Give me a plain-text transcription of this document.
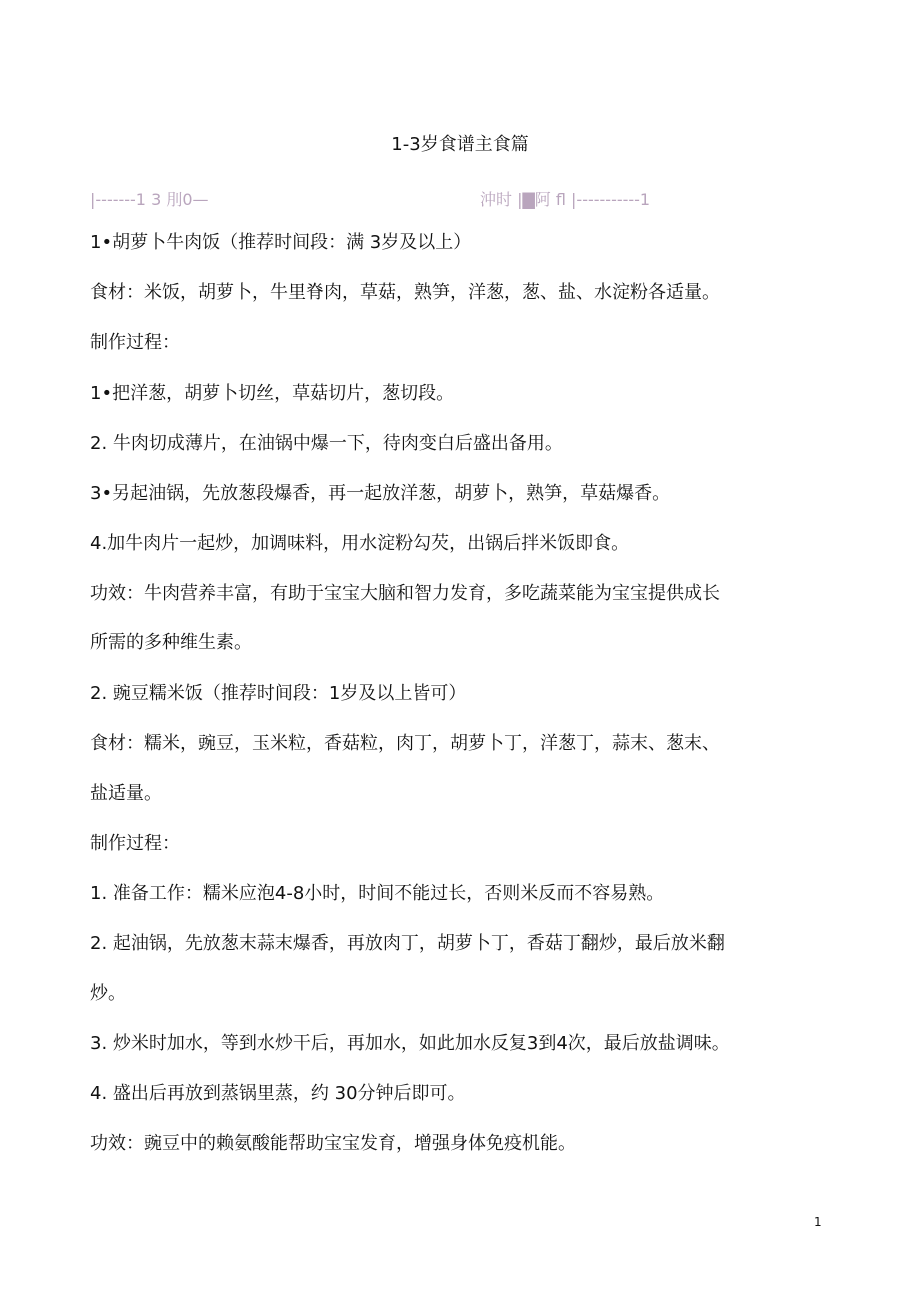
1-3岁食谱主食篇
|-------1 3 刖0—	沖时 |▇阿 fl |-----------1
1•胡萝卜牛肉饭（推荐时间段：满 3岁及以上）
食材：米饭，胡萝卜，牛里脊肉，草菇，熟笋，洋葱，葱、盐、水淀粉各适量。
制作过程：
1•把洋葱，胡萝卜切丝，草菇切片，葱切段。
2. 牛肉切成薄片，在油锅中爆一下，待肉变白后盛出备用。
3•另起油锅，先放葱段爆香，再一起放洋葱，胡萝卜，熟笋，草菇爆香。
4.加牛肉片一起炒，加调味料，用水淀粉勾芡，出锅后拌米饭即食。
功效：牛肉营养丰富，有助于宝宝大脑和智力发育，多吃蔬菜能为宝宝提供成长
所需的多种维生素。
2. 豌豆糯米饭（推荐时间段：1岁及以上皆可）
食材：糯米，豌豆，玉米粒，香菇粒，肉丁，胡萝卜丁，洋葱丁，蒜末、葱末、
盐适量。
制作过程：
1. 准备工作：糯米应泡4-8小时，时间不能过长，否则米反而不容易熟。
2. 起油锅，先放葱末蒜末爆香，再放肉丁，胡萝卜丁，香菇丁翻炒，最后放米翻
炒。
3. 炒米时加水，等到水炒干后，再加水，如此加水反复3到4次，最后放盐调味。
4. 盛出后再放到蒸锅里蒸，约 30分钟后即可。
功效：豌豆中的赖氨酸能帮助宝宝发育，增强身体免疫机能。
1
